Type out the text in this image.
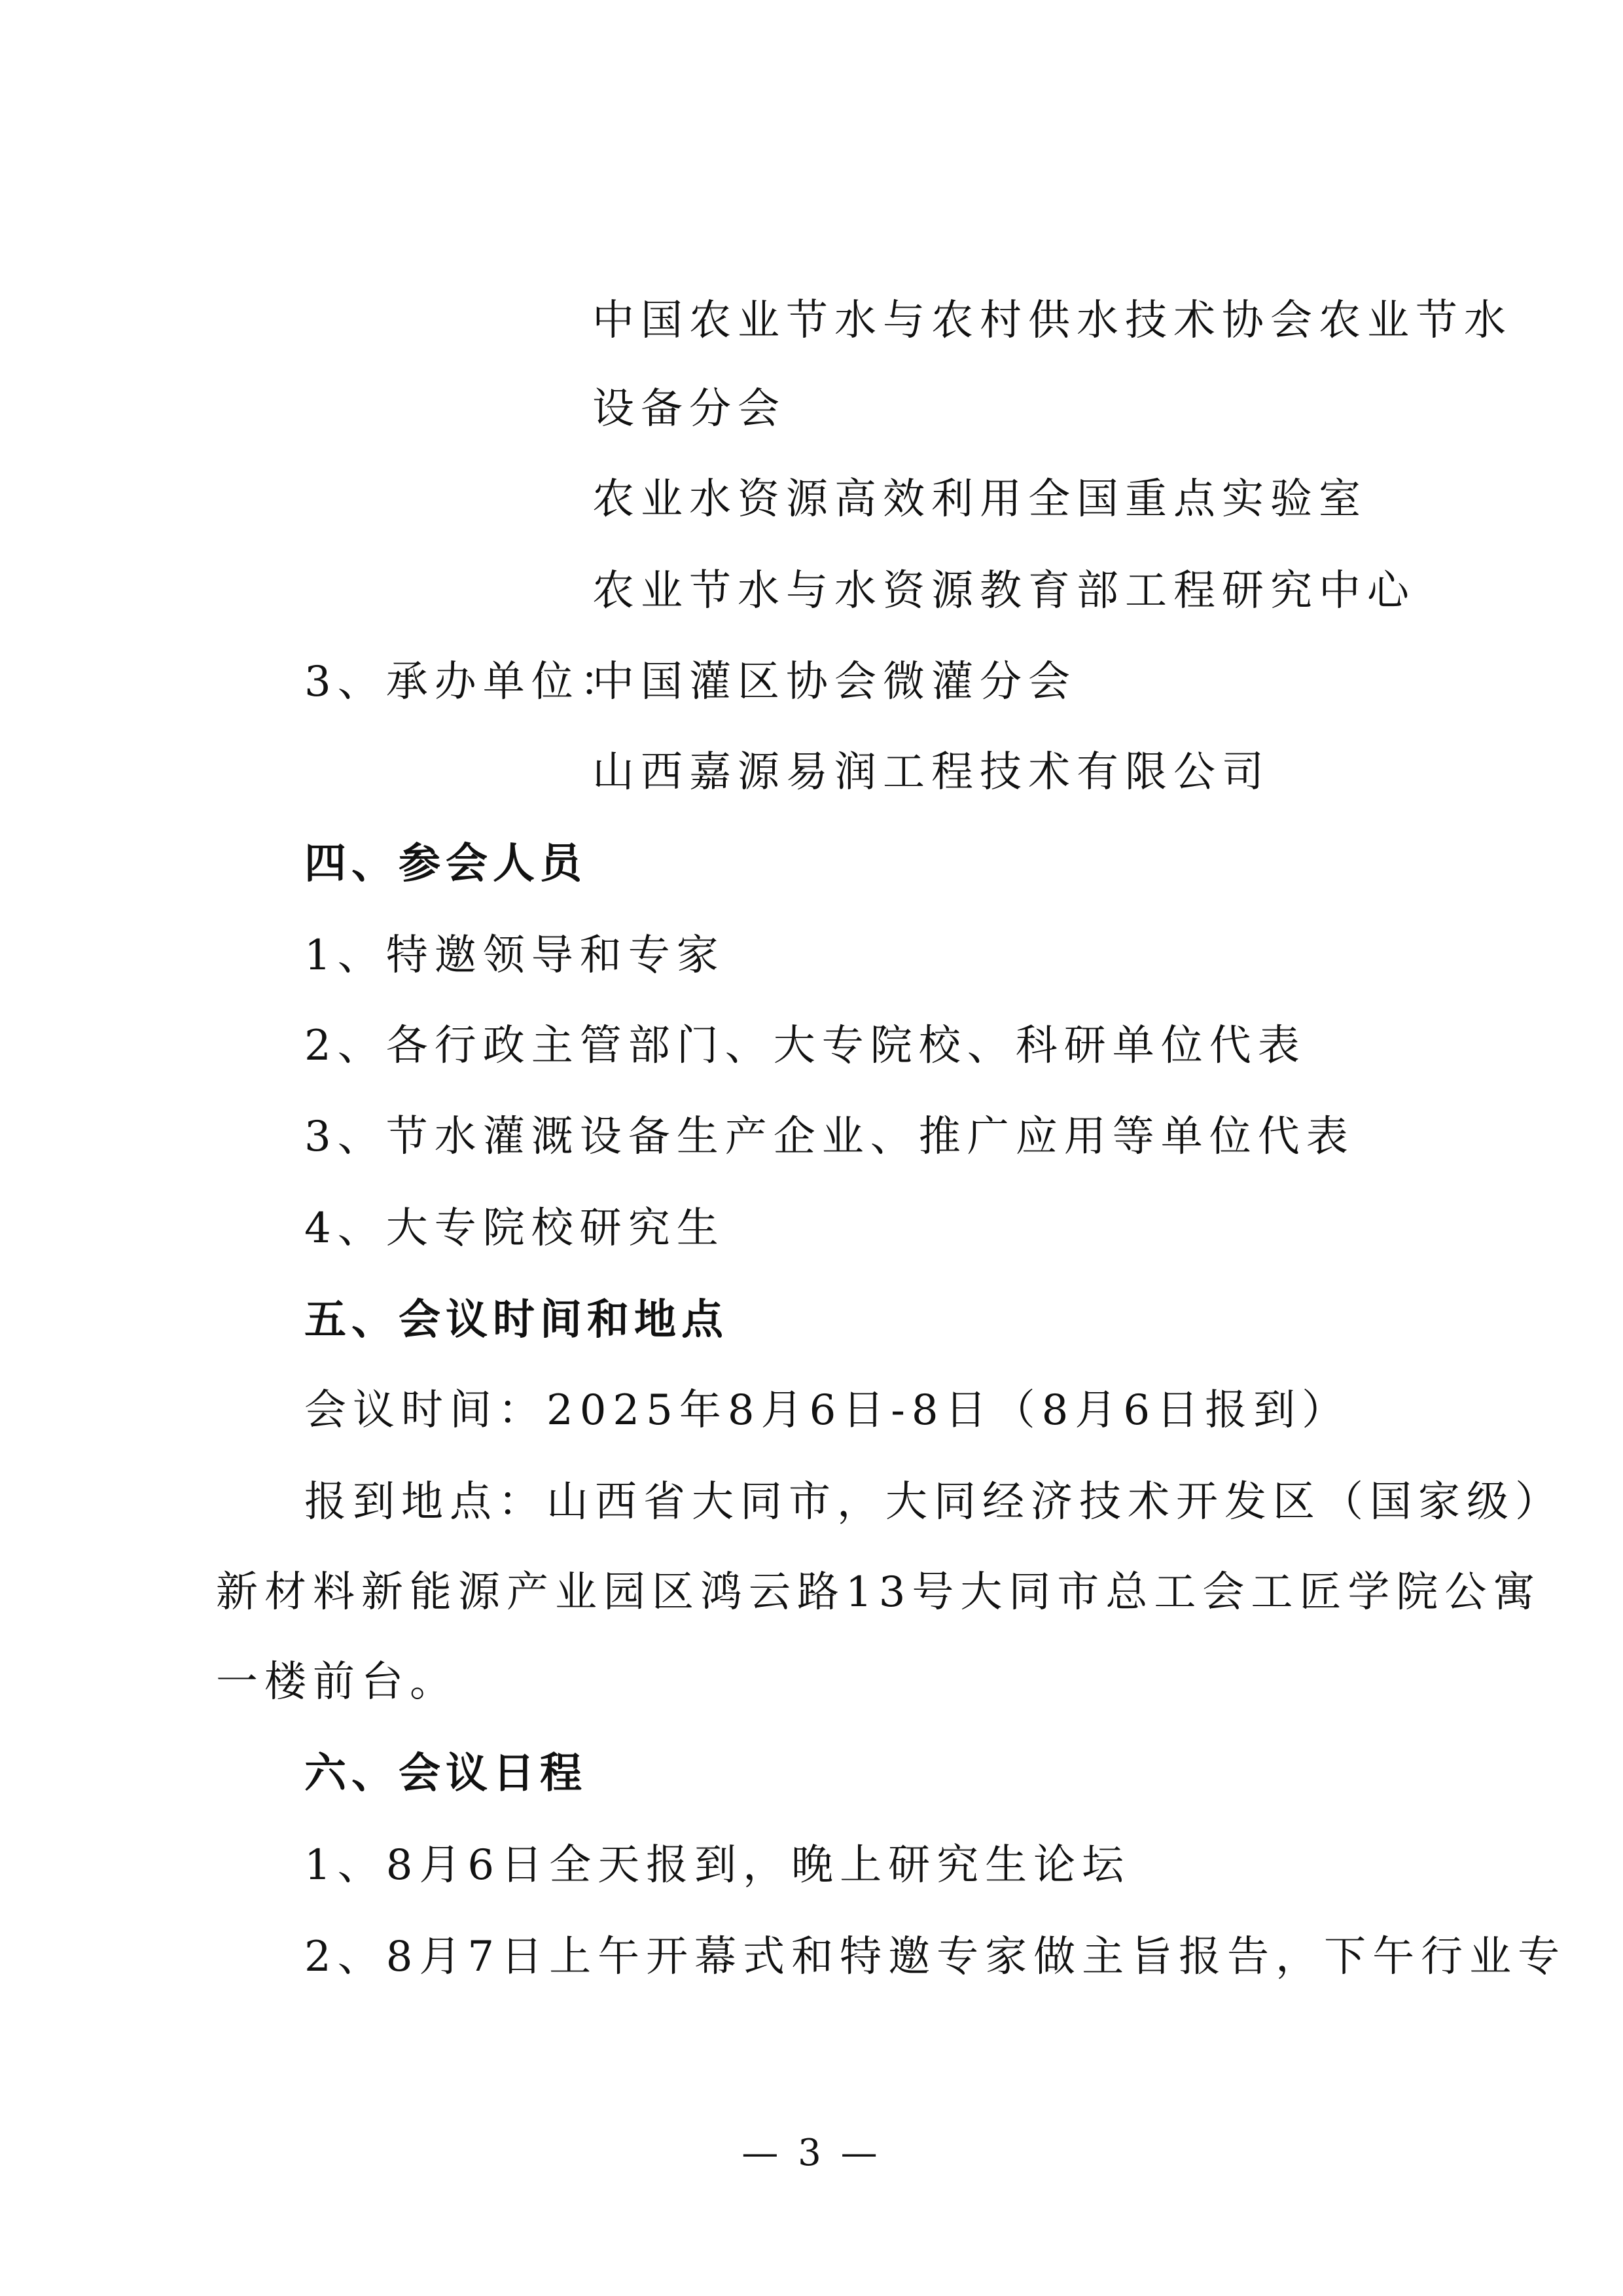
中国农业节水与农村供水技术协会农业节水
设备分会
农业水资源高效利用全国重点实验室
农业节水与水资源教育部工程研究中心
3、承办单位：
中国灌区协会微灌分会
山西嘉源易润工程技术有限公司
四、参会人员
1、特邀领导和专家
2、各行政主管部门、大专院校、科研单位代表
3、节水灌溉设备生产企业、推广应用等单位代表
4、大专院校研究生
五、会议时间和地点
会议时间：2025年8月6日-8日（8月6日报到）
报到地点：山西省大同市，大同经济技术开发区（国家级）
新材料新能源产业园区鸿云路13号大同市总工会工匠学院公寓
一楼前台。
六、会议日程
1、8月6日全天报到，晚上研究生论坛
2、8月7日上午开幕式和特邀专家做主旨报告，下午行业专
— 3 —
